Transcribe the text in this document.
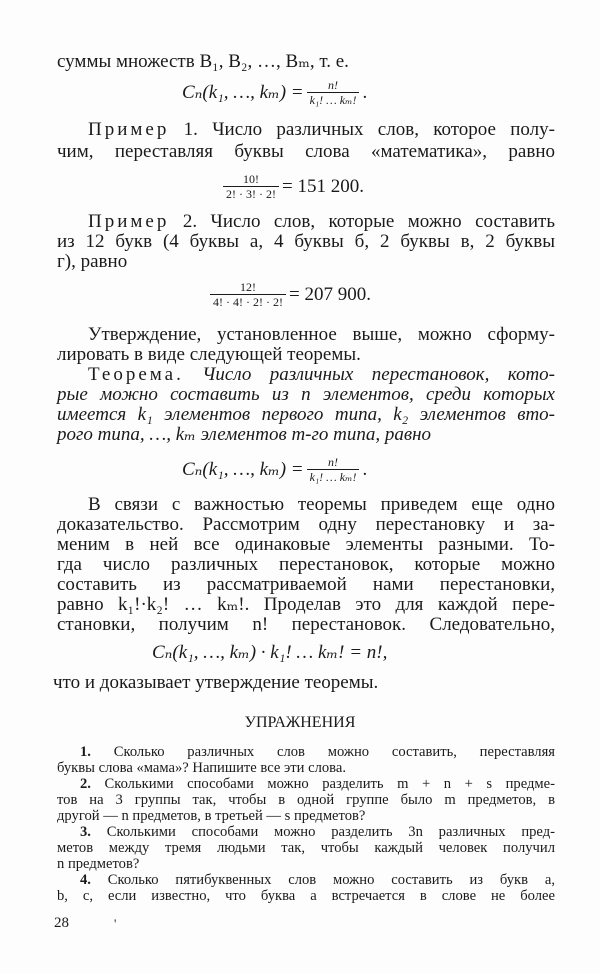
суммы множеств B₁, B₂, …, Bₘ, т. е.
Cₙ(k₁, …, $k_m) = \frac{n!}{\text{k₁! … kₘ!}}$ .
Пример 1. Число различных слов, которое полу-
чим, переставляя буквы слова «математика», равно
$\frac{10!}{2! \cdot 3! \cdot 2!} = 151$ 200.
Пример 2. Число слов, которые можно составить
из 12 букв (4 буквы а, 4 буквы б, 2 буквы в, 2 буквы
г), равно
$\frac{12!}{4! \cdot 4! \cdot 2! \cdot 2!} = 207$ 900.
Утверждение, установленное выше, можно сформу-
лировать в виде следующей теоремы.
Теорема. Число различных перестановок, кото-
рые можно составить из n элементов, среди которых
имеется k₁ элементов первого типа, k₂ элементов вто-
рого типа, …, kₘ элементов m-го типа, равно
Cₙ(k₁, …, $k_m) = \frac{n!}{\text{k₁! … kₘ!}}$ .
В связи с важностью теоремы приведем еще одно
доказательство. Рассмотрим одну перестановку и за-
меним в ней все одинаковые элементы разными. То-
гда число различных перестановок, которые можно
составить из рассматриваемой нами перестановки,
равно k₁!·k₂! … kₘ!. Проделав это для каждой пере-
становки, получим n! перестановок. Следовательно,
Cₙ(k₁, …, kₘ) · k₁! … kₘ! = n!,
что и доказывает утверждение теоремы.
УПРАЖНЕНИЯ
1. Сколько различных слов можно составить, переставляя
буквы слова «мама»? Напишите все эти слова.
2. Сколькими способами можно разделить m + n + s предме-
тов на 3 группы так, чтобы в одной группе было m предметов, в
другой — n предметов, в третьей — s предметов?
3. Сколькими способами можно разделить 3n различных пред-
метов между тремя людьми так, чтобы каждый человек получил
n предметов?
4. Сколько пятибуквенных слов можно составить из букв a,
b, c, если известно, что буква a встречается в слове не более
28	'
